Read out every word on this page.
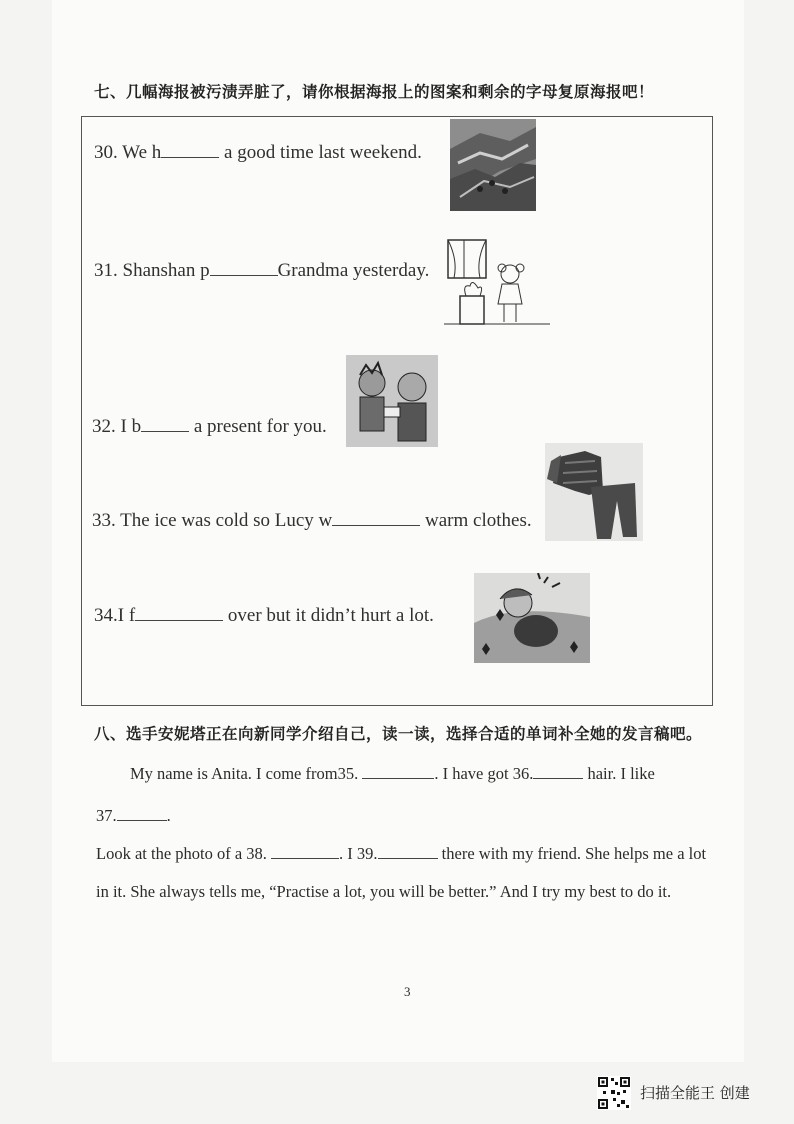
七、几幅海报被污渍弄脏了，请你根据海报上的图案和剩余的字母复原海报吧！
30. We h	a good time last weekend.
31. Shanshan p	Grandma yesterday.
32. I b	a present for you.
33. The ice was cold so Lucy w	warm clothes.
34.I f	over but it didn’t hurt a lot.
八、选手安妮塔正在向新同学介绍自己，读一读，选择合适的单词补全她的发言稿吧。
My name is Anita. I come from35.	. I have got 36.	hair. I like
37.	.
Look at the photo of a 38.	. I 39.	there with my friend. She helps me a lot
in it. She always tells me, “Practise a lot, you will be better.” And I try my best to do it.
3
扫描全能王 创建
